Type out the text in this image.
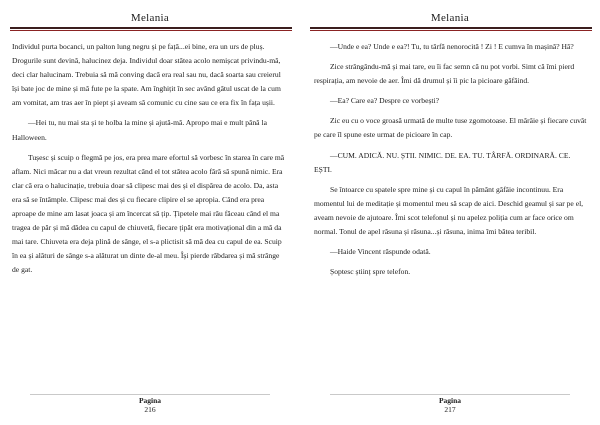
Melania

Individul purta bocanci, un palton lung negru și pe față...ei bine, era un urs de pluș. Drogurile sunt devină, halucinez deja. Individul doar stătea acolo nemișcat privindu-mă, deci clar halucinam. Trebuia să mă conving dacă era real sau nu, dacă soarta sau creierul își bate joc de mine și mă fute pe la spate. Am înghițit în sec având gâtul uscat de la cum am vomitat, am tras aer în piept și aveam să comunic cu cine sau ce era fix în fața ușii.

—Hei tu, nu mai sta și te holba la mine și ajută-mă. Apropo mai e mult până la Halloween.

Tușesc și scuip o flegmă pe jos, era prea mare efortul să vorbesc în starea în care mă aflam. Nici măcar nu a dat vreun rezultat când el tot stătea acolo fără să spună nimic. Era clar că era o halucinație, trebuia doar să clipesc mai des și el dispărea de acolo. Da, asta era să se întâmple. Clipesc mai des și cu fiecare clipire el se apropia. Când era prea aproape de mine am lasat joaca și am încercat să țip. Țipetele mai rău făceau când el ma tragea de păr și mă dădea cu capul de chiuvetă, fiecare țipăt era motivațional din a mă da mai tare. Chiuveta era deja plină de sânge, el s-a plictisit să mă dea cu capul de ea. Scuip în ea și alături de sânge s-a alăturat un dinte de-al meu. Își pierde răbdarea și mă strânge de gat.

Pagina
216
Melania

—Unde e ea? Unde e ea?! Tu, tu târfă nenorocită ! Zi ! E cumva în mașină? Hă?

Zice strângându-mă și mai tare, eu îi fac semn că nu pot vorbi. Simt că îmi pierd respirația, am nevoie de aer. Îmi dă drumul și îi pic la picioare gâfâind.

—Ea? Care ea? Despre ce vorbești?

Zic eu cu o voce groasă urmată de multe tuse zgomotoase. El mârâie și fiecare cuvât pe care îl spune este urmat de picioare în cap.

—CUM. ADICĂ. NU. ȘTII. NIMIC. DE. EA. TU. TÂRFĂ. ORDINARĂ. CE. EȘTI.

Se întoarce cu spatele spre mine și cu capul în pământ gâfâie incontinuu. Era momentul lui de meditație și momentul meu să scap de aici. Deschid geamul și sar pe el, aveam nevoie de ajutoare. Îmi scot telefonul și nu apelez poliția cum ar face orice om normal. Tonul de apel răsuna și răsuna...și răsuna, inima îmi bătea teribil.

—Haide Vincent răspunde odată.

Șoptesc științ spre telefon.

Pagina
217
